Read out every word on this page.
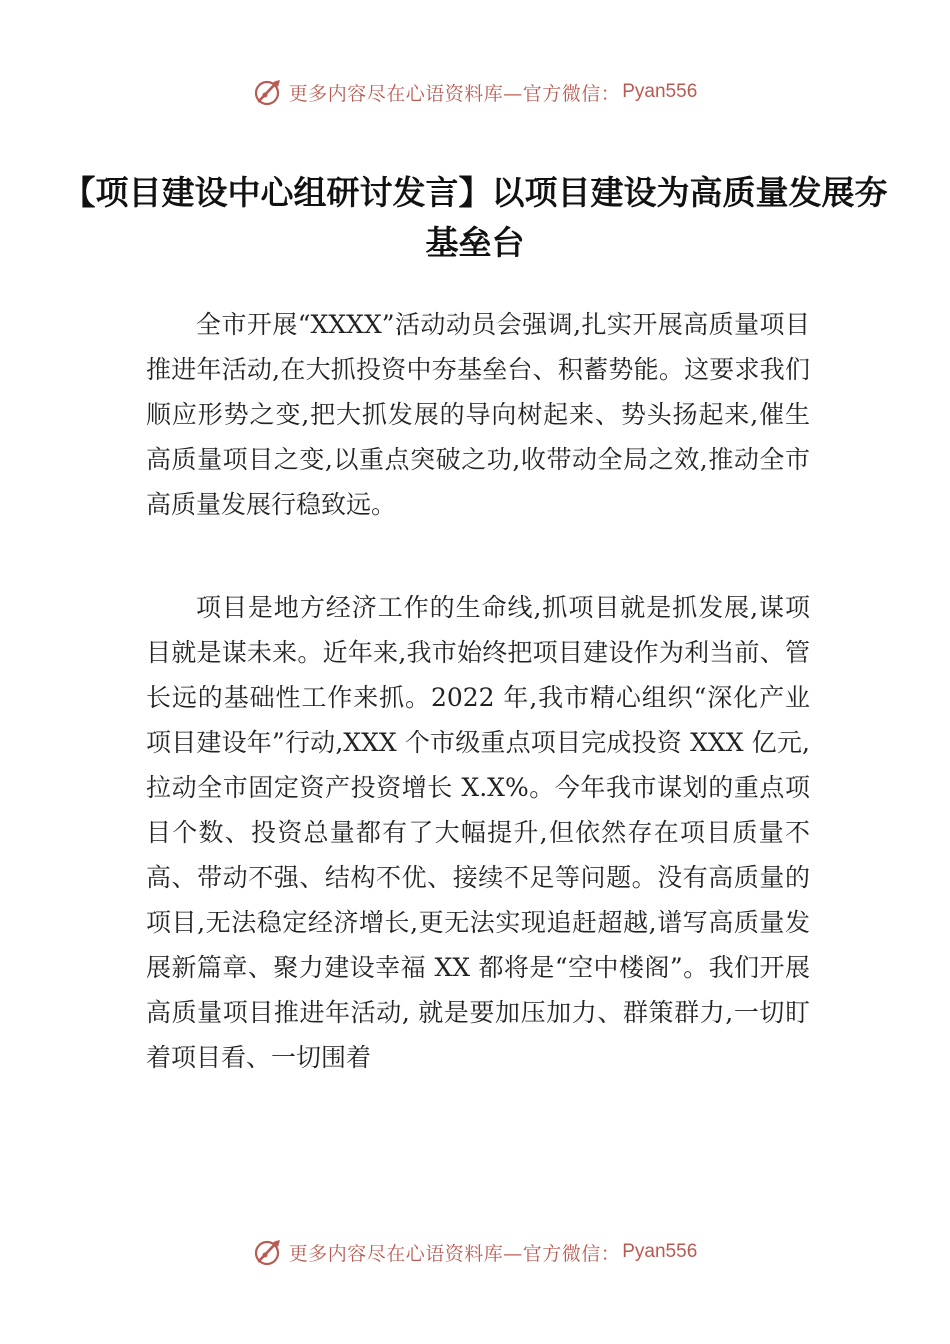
更多内容尽在心语资料库—官方微信： Pyan556
【项目建设中心组研讨发言】以项目建设为高质量发展夯基垒台

全市开展“XXXX”活动动员会强调,扎实开展高质量项目推进年活动,在大抓投资中夯基垒台、积蓄势能。这要求我们顺应形势之变,把大抓发展的导向树起来、势头扬起来,催生高质量项目之变,以重点突破之功,收带动全局之效,推动全市高质量发展行稳致远。

项目是地方经济工作的生命线,抓项目就是抓发展,谋项目就是谋未来。近年来,我市始终把项目建设作为利当前、管长远的基础性工作来抓。2022 年,我市精心组织“深化产业项目建设年”行动,XXX 个市级重点项目完成投资 XXX 亿元,拉动全市固定资产投资增长 X.X%。今年我市谋划的重点项目个数、投资总量都有了大幅提升,但依然存在项目质量不高、带动不强、结构不优、接续不足等问题。没有高质量的项目,无法稳定经济增长,更无法实现追赶超越,谱写高质量发展新篇章、聚力建设幸福 XX 都将是“空中楼阁”。我们开展高质量项目推进年活动, 就是要加压加力、群策群力,一切盯着项目看、一切围着

更多内容尽在心语资料库—官方微信： Pyan556
